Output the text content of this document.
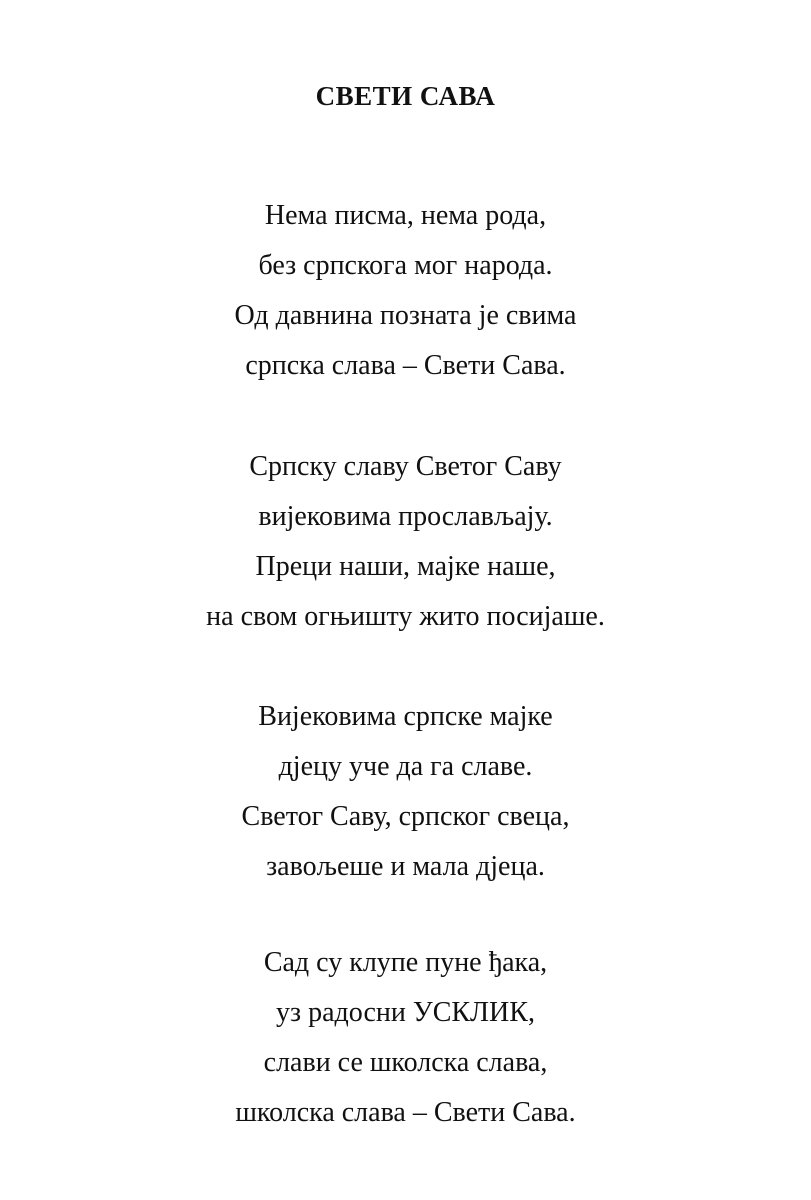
СВЕТИ САВА
Нема писма, нема рода,
без српскога мог народа.
Од давнина позната је свима
српска слава – Свети Сава.
Српску славу Светог Саву
вијековима прослављају.
Преци наши, мајке наше,
на свом огњишту жито посијаше.
Вијековима српске мајке
дјецу уче да га славе.
Светог Саву, српског свеца,
завољеше и мала дјеца.
Сад су клупе пуне ђака,
уз радосни УСКЛИК,
слави се школска слава,
школска слава – Свети Сава.
